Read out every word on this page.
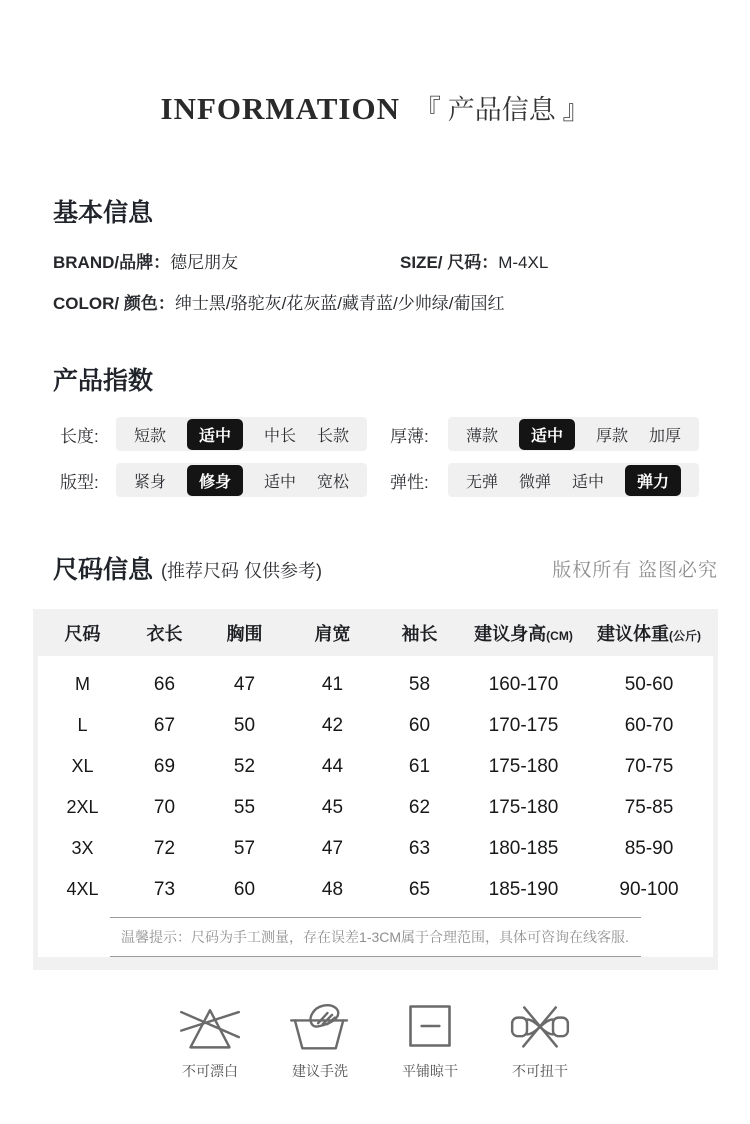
INFORMATION 『 产品信息 』
基本信息
BRAND/品牌：德尼朋友	SIZE/ 尺码：M-4XL
COLOR/ 颜色：绅士黑/骆驼灰/花灰蓝/藏青蓝/少帅绿/葡国红
产品指数
长度:	短款	适中	中长 长款 厚薄:	薄款	适中	厚款 加厚
版型:	紧身	修身	适中 宽松 弹性:	无弹 微弹 适中	弹力
尺码信息 (推荐尺码 仅供参考)	版权所有 盗图必究
尺码	衣长	胸围	肩宽	袖长	建议身高(CM)	建议体重(公斤)
M	66	47	41	58	160-170	50-60
L	67	50	42	60	170-175	60-70
XL	69	52	44	61	175-180	70-75
2XL	70	55	45	62	175-180	75-85
3X	72	57	47	63	180-185	85-90
4XL	73	60	48	65	185-190	90-100
温馨提示：尺码为手工测量，存在误差1-3CM属于合理范围，具体可咨询在线客服.
不可漂白	建议手洗	平铺晾干	不可扭干
